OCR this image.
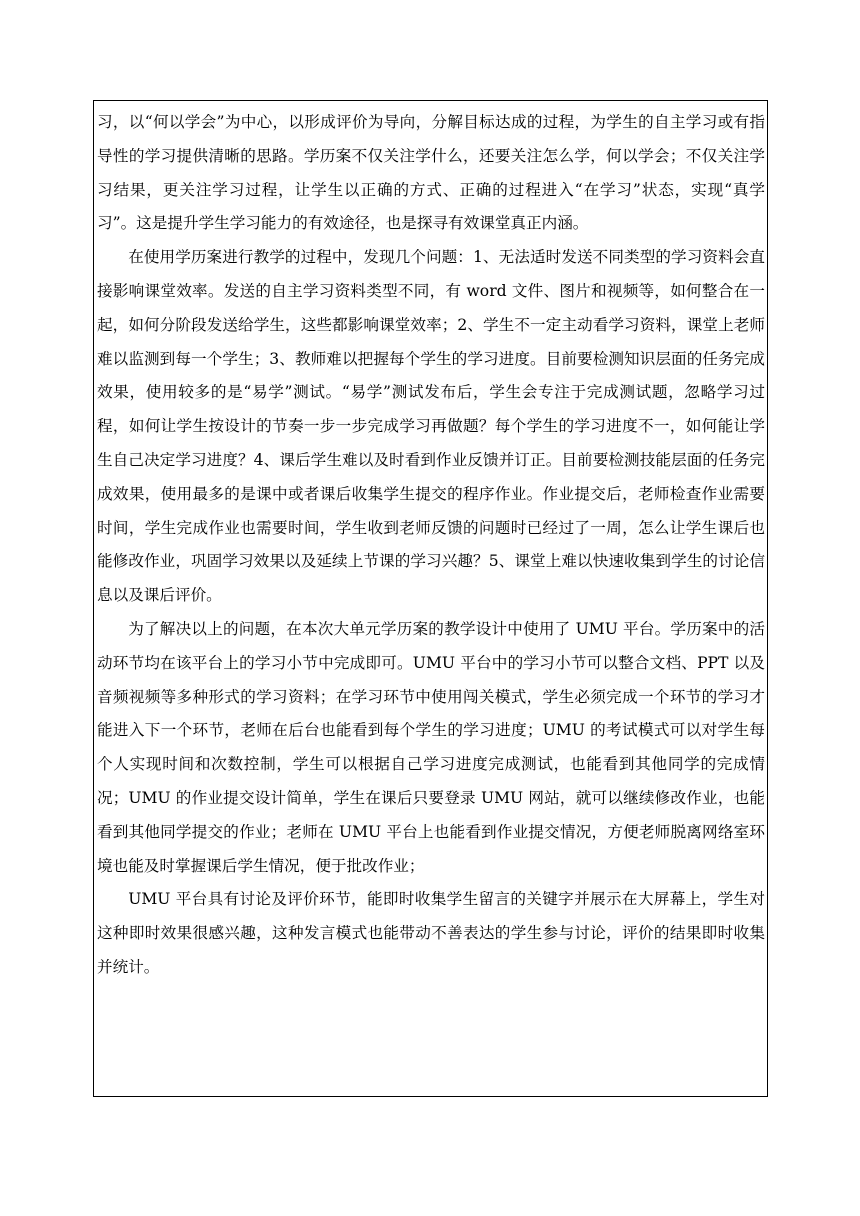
习，以“何以学会”为中心，以形成评价为导向，分解目标达成的过程，为学生的自主学习或有指导性的学习提供清晰的思路。学历案不仅关注学什么，还要关注怎么学，何以学会；不仅关注学习结果，更关注学习过程，让学生以正确的方式、正确的过程进入“在学习”状态，实现“真学习”。这是提升学生学习能力的有效途径，也是探寻有效课堂真正内涵。

在使用学历案进行教学的过程中，发现几个问题：1、无法适时发送不同类型的学习资料会直接影响课堂效率。发送的自主学习资料类型不同，有 word 文件、图片和视频等，如何整合在一起，如何分阶段发送给学生，这些都影响课堂效率；2、学生不一定主动看学习资料，课堂上老师难以监测到每一个学生；3、教师难以把握每个学生的学习进度。目前要检测知识层面的任务完成效果，使用较多的是“易学”测试。“易学”测试发布后，学生会专注于完成测试题，忽略学习过程，如何让学生按设计的节奏一步一步完成学习再做题？每个学生的学习进度不一，如何能让学生自己决定学习进度？4、课后学生难以及时看到作业反馈并订正。目前要检测技能层面的任务完成效果，使用最多的是课中或者课后收集学生提交的程序作业。作业提交后，老师检查作业需要时间，学生完成作业也需要时间，学生收到老师反馈的问题时已经过了一周，怎么让学生课后也能修改作业，巩固学习效果以及延续上节课的学习兴趣？5、课堂上难以快速收集到学生的讨论信息以及课后评价。

为了解决以上的问题，在本次大单元学历案的教学设计中使用了 UMU 平台。学历案中的活动环节均在该平台上的学习小节中完成即可。UMU 平台中的学习小节可以整合文档、PPT 以及音频视频等多种形式的学习资料；在学习环节中使用闯关模式，学生必须完成一个环节的学习才能进入下一个环节，老师在后台也能看到每个学生的学习进度；UMU 的考试模式可以对学生每个人实现时间和次数控制，学生可以根据自己学习进度完成测试，也能看到其他同学的完成情况；UMU 的作业提交设计简单，学生在课后只要登录 UMU 网站，就可以继续修改作业，也能看到其他同学提交的作业；老师在 UMU 平台上也能看到作业提交情况，方便老师脱离网络室环境也能及时掌握课后学生情况，便于批改作业；

UMU 平台具有讨论及评价环节，能即时收集学生留言的关键字并展示在大屏幕上，学生对这种即时效果很感兴趣，这种发言模式也能带动不善表达的学生参与讨论，评价的结果即时收集并统计。
